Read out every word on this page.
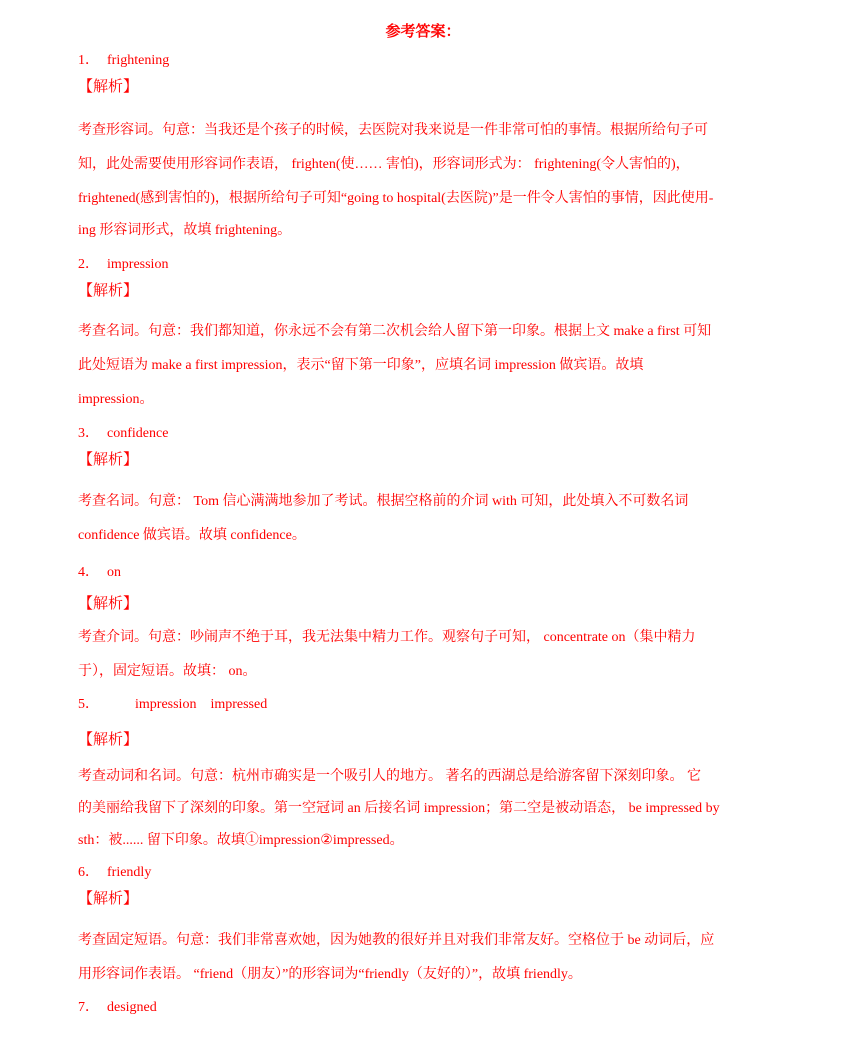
参考答案：
1． frightening
【解析】
考查形容词。句意：当我还是个孩子的时候，去医院对我来说是一件非常可怕的事情。根据所给句子可
知，此处需要使用形容词作表语， frighten(使…… 害怕)，形容词形式为： frightening(令人害怕的)，
frightened(感到害怕的)，根据所给句子可知“going to hospital(去医院)”是一件令人害怕的事情，因此使用-
ing 形容词形式，故填 frightening。
2． impression
【解析】
考查名词。句意：我们都知道，你永远不会有第二次机会给人留下第一印象。根据上文 make a first 可知
此处短语为 make a first impression，表示“留下第一印象”，应填名词 impression 做宾语。故填
impression。
3． confidence
【解析】
考查名词。句意： Tom 信心满满地参加了考试。根据空格前的介词 with 可知，此处填入不可数名词
confidence 做宾语。故填 confidence。
4． on
【解析】
考查介词。句意：吵闹声不绝于耳，我无法集中精力工作。观察句子可知， concentrate on（集中精力
于），固定短语。故填： on。
5．	impression impressed
【解析】
考查动词和名词。句意：杭州市确实是一个吸引人的地方。 著名的西湖总是给游客留下深刻印象。 它
的美丽给我留下了深刻的印象。第一空冠词 an 后接名词 impression；第二空是被动语态， be impressed by
sth：被...... 留下印象。故填①impression②impressed。
6． friendly
【解析】
考查固定短语。句意：我们非常喜欢她，因为她教的很好并且对我们非常友好。空格位于 be 动词后，应
用形容词作表语。 “friend（朋友）”的形容词为“friendly（友好的）”，故填 friendly。
7． designed
